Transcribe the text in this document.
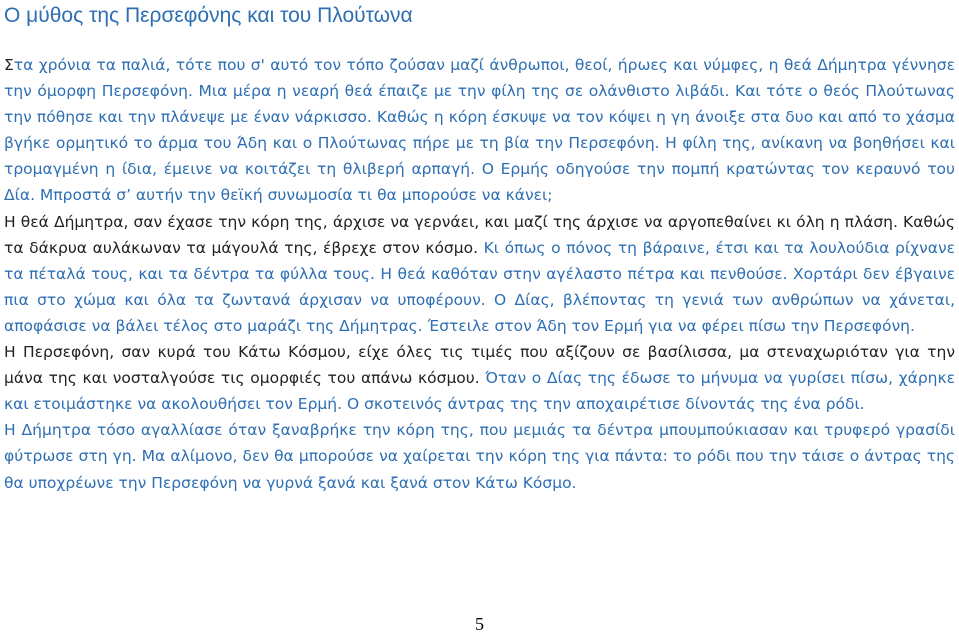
Ο μύθος της Περσεφόνης και του Πλούτωνα

Στα χρόνια τα παλιά, τότε που σ' αυτό τον τόπο ζούσαν μαζί άνθρωποι, θεοί, ήρωες και νύμφες, η θεά Δήμητρα γέννησε την όμορφη Περσεφόνη. Μια μέρα η νεαρή θεά έπαιζε με την φίλη της σε ολάνθιστο λιβάδι. Και τότε ο θεός Πλούτωνας την πόθησε και την πλάνεψε με έναν νάρκισσο. Καθώς η κόρη έσκυψε να τον κόψει η γη άνοιξε στα δυο και από το χάσμα βγήκε ορμητικό το άρμα του Άδη και ο Πλούτωνας πήρε με τη βία την Περσεφόνη. Η φίλη της, ανίκανη να βοηθήσει και τρομαγμένη η ίδια, έμεινε να κοιτάζει τη θλιβερή αρπαγή. Ο Ερμής οδηγούσε την πομπή κρατώντας τον κεραυνό του Δία. Μπροστά σ’ αυτήν την θεϊκή συνωμοσία τι θα μπορούσε να κάνει;

Η θεά Δήμητρα, σαν έχασε την κόρη της, άρχισε να γερνάει, και μαζί της άρχισε να αργοπεθαίνει κι όλη η πλάση. Καθώς τα δάκρυα αυλάκωναν τα μάγουλά της, έβρεχε στον κόσμο. Κι όπως ο πόνος τη βάραινε, έτσι και τα λουλούδια ρίχνανε τα πέταλά τους, και τα δέντρα τα φύλλα τους. Η θεά καθόταν στην αγέλαστο πέτρα και πενθούσε. Χορτάρι δεν έβγαινε πια στο χώμα και όλα τα ζωντανά άρχισαν να υποφέρουν. Ο Δίας, βλέποντας τη γενιά των ανθρώπων να χάνεται, αποφάσισε να βάλει τέλος στο μαράζι της Δήμητρας. Έστειλε στον Άδη τον Ερμή για να φέρει πίσω την Περσεφόνη.

Η Περσεφόνη, σαν κυρά του Κάτω Κόσμου, είχε όλες τις τιμές που αξίζουν σε βασίλισσα, μα στεναχωριόταν για την μάνα της και νοσταλγούσε τις ομορφιές του απάνω κόσμου. Όταν ο Δίας της έδωσε το μήνυμα να γυρίσει πίσω, χάρηκε και ετοιμάστηκε να ακολουθήσει τον Ερμή. Ο σκοτεινός άντρας της την αποχαιρέτισε δίνοντάς της ένα ρόδι.

Η Δήμητρα τόσο αγαλλίασε όταν ξαναβρήκε την κόρη της, που μεμιάς τα δέντρα μπουμπούκιασαν και τρυφερό γρασίδι φύτρωσε στη γη. Μα αλίμονο, δεν θα μπορούσε να χαίρεται την κόρη της για πάντα: το ρόδι που την τάισε ο άντρας της θα υποχρέωνε την Περσεφόνη να γυρνά ξανά και ξανά στον Κάτω Κόσμο.

5
